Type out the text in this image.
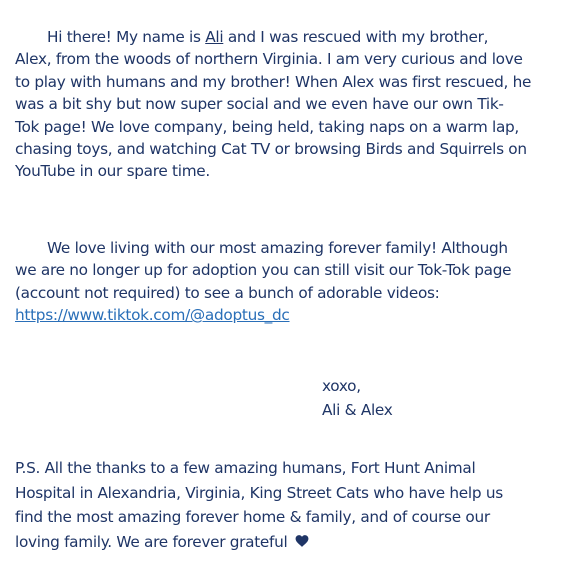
Hi there! My name is Ali and I was rescued with my brother,
Alex, from the woods of northern Virginia. I am very curious and love
to play with humans and my brother! When Alex was first rescued, he
was a bit shy but now super social and we even have our own Tik-
Tok page! We love company, being held, taking naps on a warm lap,
chasing toys, and watching Cat TV or browsing Birds and Squirrels on
YouTube in our spare time.

We love living with our most amazing forever family! Although
we are no longer up for adoption you can still visit our Tok-Tok page
(account not required) to see a bunch of adorable videos:
https://www.tiktok.com/@adoptus_dc

xoxo,
Ali & Alex

P.S. All the thanks to a few amazing humans, Fort Hunt Animal
Hospital in Alexandria, Virginia, King Street Cats who have help us
find the most amazing forever home & family, and of course our
loving family. We are forever grateful
